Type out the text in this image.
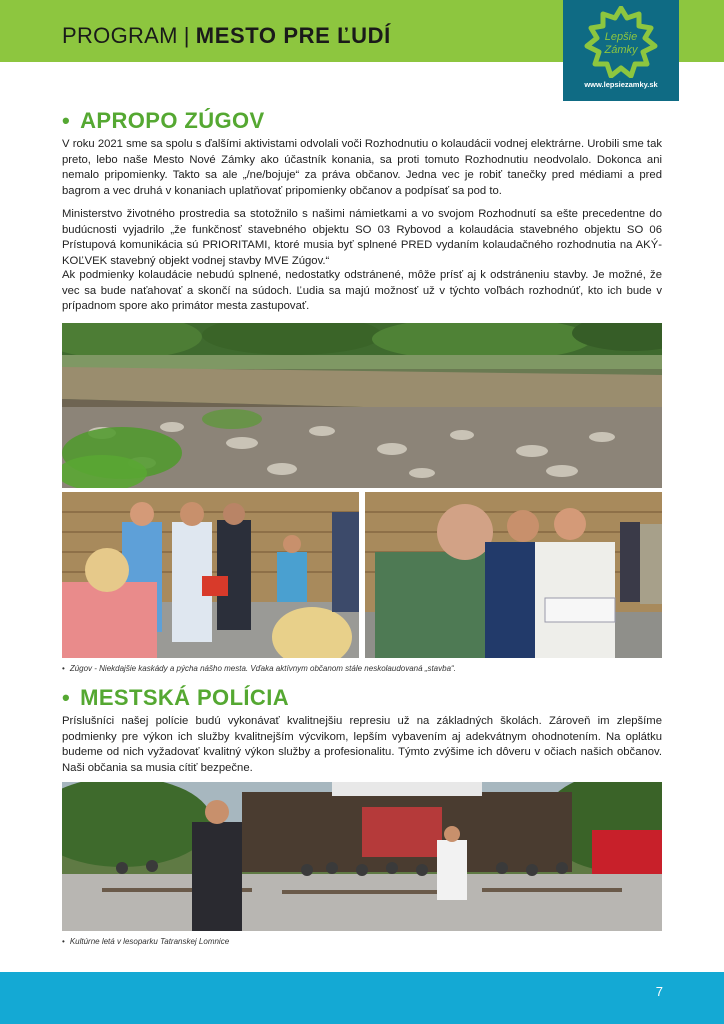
PROGRAM | MESTO PRE ĽUDÍ	Lepšie
Zámky
www.lepsiezamky.sk
• APROPO ZÚGOV

V roku 2021 sme sa spolu s ďalšími aktivistami odvolali voči Rozhodnutiu o kolaudácii vodnej elektrárne. Urobili sme tak preto, lebo naše Mesto Nové Zámky ako účastník konania, sa proti tomuto Rozhodnutiu neodvolalo. Dokonca ani nemalo pripomienky. Takto sa ale „/ne/bojuje“ za práva občanov. Jedna vec je robiť tanečky pred médiami a pred bagrom a vec druhá v konaniach uplatňovať pripomienky občanov a podpísať sa pod to.

Ministerstvo životného prostredia sa stotožnilo s našimi námietkami a vo svojom Rozhodnutí sa ešte precedentne do budúcnosti vyjadrilo „že funkčnosť stavebného objektu SO 03 Rybovod a kolaudácia stavebného objektu SO 06 Prístupová komunikácia sú PRIORITAMI, ktoré musia byť splnené PRED vydaním kolaudačného rozhodnutia na AKÝ-KOĽVEK stavebný objekt vodnej stavby MVE Zúgov.“

Ak podmienky kolaudácie nebudú splnené, nedostatky odstránené, môže prísť aj k odstráneniu stavby. Je možné, že vec sa bude naťahovať a skončí na súdoch. Ľudia sa majú možnosť už v týchto voľbách rozhodnúť, kto ich bude v prípadnom spore ako primátor mesta zastupovať.

• Zúgov - Niekdajšie kaskády a pýcha nášho mesta. Vďaka aktívnym občanom stále neskolaudovaná „stavba“.
• MESTSKÁ POLÍCIA

Príslušníci našej polície budú vykonávať kvalitnejšiu represiu už na základných školách. Zároveň im zlepšíme podmienky pre výkon ich služby kvalitnejším výcvikom, lepším vybavením aj adekvátnym ohodnotením. Na oplátku budeme od nich vyžadovať kvalitný výkon služby a profesionalitu. Týmto zvýšime ich dôveru v očiach našich občanov. Naši občania sa musia cítiť bezpečne.

• Kultúrne letá v lesoparku Tatranskej Lomnice
7
